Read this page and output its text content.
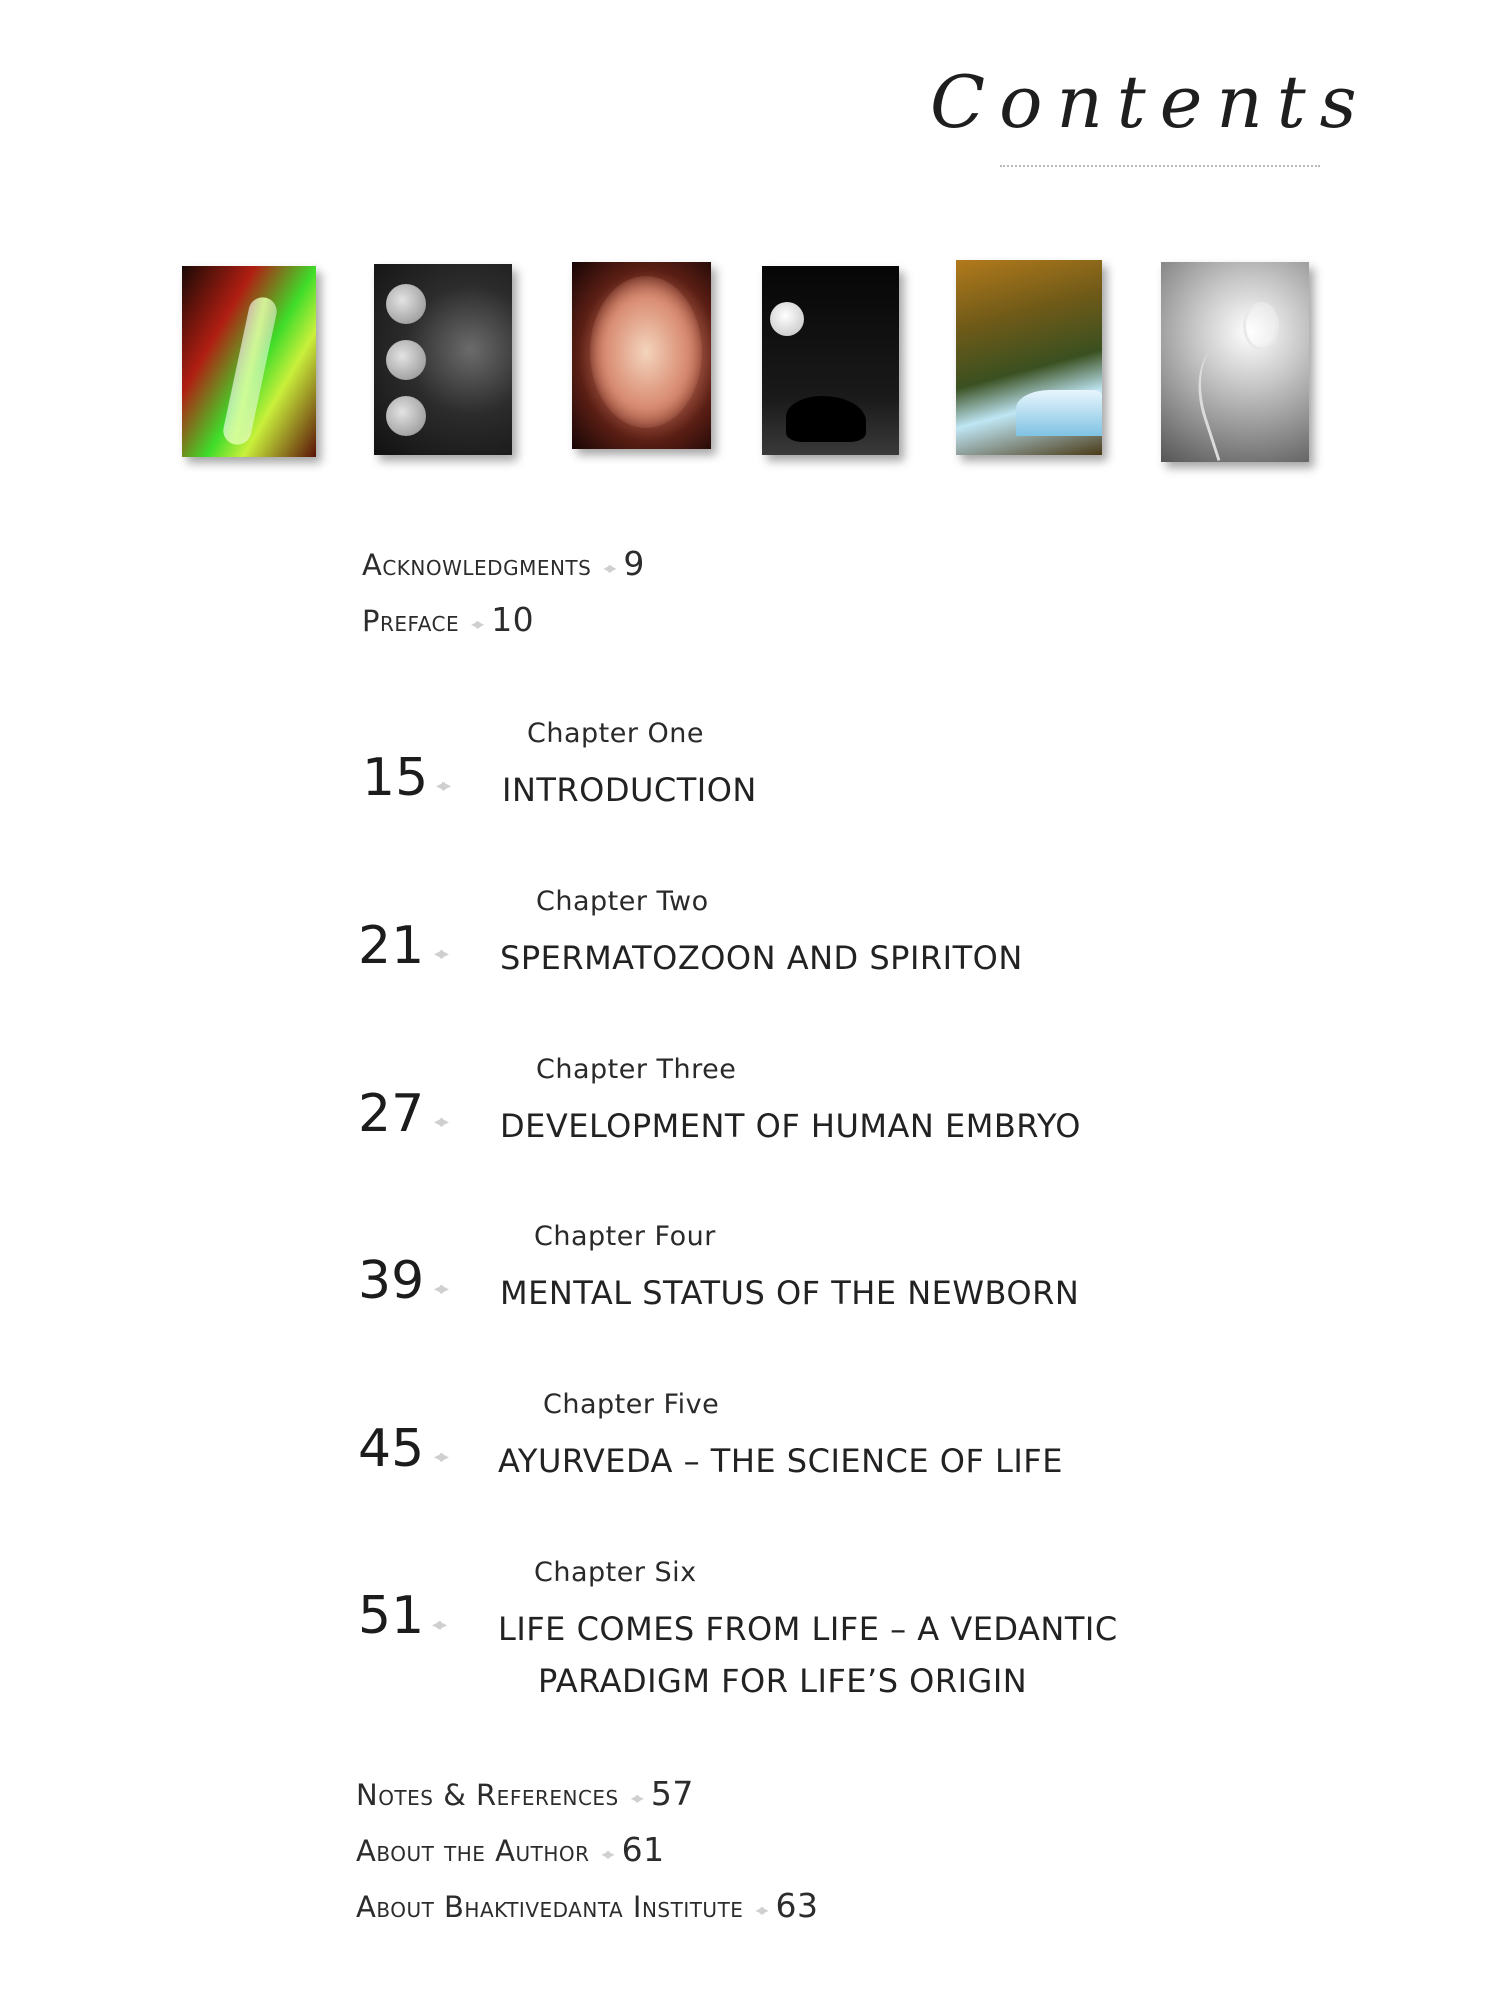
Contents
Acknowledgments ◂▸ 9
Preface ◂▸ 10
Chapter One
15 ◂▸ INTRODUCTION
Chapter Two
21 ◂▸ SPERMATOZOON AND SPIRITON
Chapter Three
27 ◂▸ DEVELOPMENT OF HUMAN EMBRYO
Chapter Four
39 ◂▸ MENTAL STATUS OF THE NEWBORN
Chapter Five
45 ◂▸ AYURVEDA – THE SCIENCE OF LIFE
Chapter Six
51 ◂▸ LIFE COMES FROM LIFE – A VEDANTIC
PARADIGM FOR LIFE’S ORIGIN
Notes & References ◂▸ 57
About the Author ◂▸ 61
About Bhaktivedanta Institute ◂▸ 63
